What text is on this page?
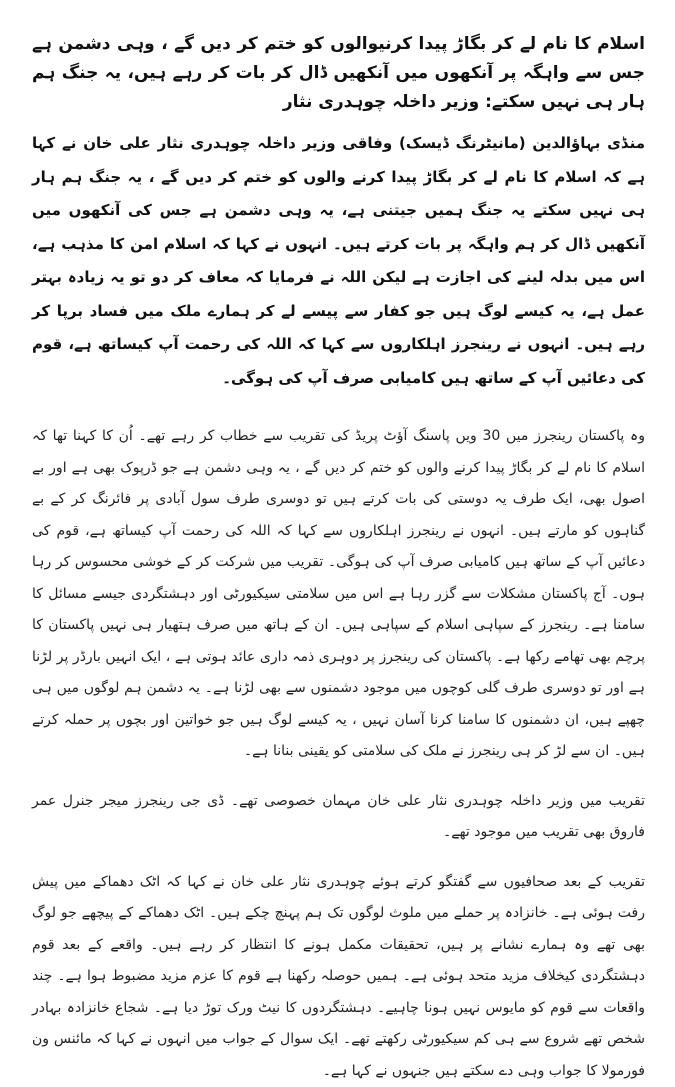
اسلام کا نام لے کر بگاڑ پیدا کرنیوالوں کو ختم کر دیں گے ، وہی دشمن ہے جس سے واہگہ پر آنکھوں میں آنکھیں ڈال کر بات کر رہے ہیں، یہ جنگ ہم ہار ہی نہیں سکتے: وزیر داخلہ چوہدری نثار

منڈی بہاؤالدین (مانیٹرنگ ڈیسک) وفاقی وزیر داخلہ چوہدری نثار علی خان نے کہا ہے کہ اسلام کا نام لے کر بگاڑ پیدا کرنے والوں کو ختم کر دیں گے ، یہ جنگ ہم ہار ہی نہیں سکتے یہ جنگ ہمیں جیتنی ہے، یہ وہی دشمن ہے جس کی آنکھوں میں آنکھیں ڈال کر ہم واہگہ پر بات کرتے ہیں۔ انہوں نے کہا کہ اسلام امن کا مذہب ہے، اس میں بدلہ لینے کی اجازت ہے لیکن اللہ نے فرمایا کہ معاف کر دو تو یہ زیادہ بہتر عمل ہے، یہ کیسے لوگ ہیں جو کفار سے پیسے لے کر ہمارے ملک میں فساد برپا کر رہے ہیں۔ انہوں نے رینجرز اہلکاروں سے کہا کہ اللہ کی رحمت آپ کیساتھ ہے، قوم کی دعائیں آپ کے ساتھ ہیں کامیابی صرف آپ کی ہوگی۔

وہ پاکستان رینجرز میں 30 ویں پاسنگ آؤٹ پریڈ کی تقریب سے خطاب کر رہے تھے۔ اُن کا کہنا تھا کہ اسلام کا نام لے کر بگاڑ پیدا کرنے والوں کو ختم کر دیں گے ، یہ وہی دشمن ہے جو ڈرپوک بھی ہے اور بے اصول بھی، ایک طرف یہ دوستی کی بات کرتے ہیں تو دوسری طرف سول آبادی پر فائرنگ کر کے بے گناہوں کو مارتے ہیں۔ انہوں نے رینجرز اہلکاروں سے کہا کہ اللہ کی رحمت آپ کیساتھ ہے، قوم کی دعائیں آپ کے ساتھ ہیں کامیابی صرف آپ کی ہوگی۔ تقریب میں شرکت کر کے خوشی محسوس کر رہا ہوں۔ آج پاکستان مشکلات سے گزر رہا ہے اس میں سلامتی سیکیورٹی اور دہشتگردی جیسے مسائل کا سامنا ہے۔ رینجرز کے سپاہی اسلام کے سپاہی ہیں۔ ان کے ہاتھ میں صرف ہتھیار ہی نہیں پاکستان کا پرچم بھی تھامے رکھا ہے۔ پاکستان کی رینجرز پر دوہری ذمہ داری عائد ہوتی ہے ، ایک انہیں بارڈر پر لڑنا ہے اور تو دوسری طرف گلی کوچوں میں موجود دشمنوں سے بھی لڑنا ہے۔ یہ دشمن ہم لوگوں میں ہی چھپے ہیں، ان دشمنوں کا سامنا کرنا آسان نہیں ، یہ کیسے لوگ ہیں جو خواتین اور بچوں پر حملہ کرتے ہیں۔ ان سے لڑ کر ہی رینجرز نے ملک کی سلامتی کو یقینی بنانا ہے۔

تقریب میں وزیر داخلہ چوہدری نثار علی خان مہمان خصوصی تھے۔ ڈی جی رینجرز میجر جنرل عمر فاروق بھی تقریب میں موجود تھے۔

تقریب کے بعد صحافیوں سے گفتگو کرتے ہوئے چوہدری نثار علی خان نے کہا کہ اٹک دھماکے میں پیش رفت ہوئی ہے۔ خانزادہ پر حملے میں ملوث لوگوں تک ہم پہنچ چکے ہیں۔ اٹک دھماکے کے پیچھے جو لوگ بھی تھے وہ ہمارے نشانے پر ہیں، تحقیقات مکمل ہونے کا انتظار کر رہے ہیں۔ واقعے کے بعد قوم دہشتگردی کیخلاف مزید متحد ہوئی ہے۔ ہمیں حوصلہ رکھنا ہے قوم کا عزم مزید مضبوط ہوا ہے۔ چند واقعات سے قوم کو مایوس نہیں ہونا چاہیے۔ دہشتگردوں کا نیٹ ورک توڑ دیا ہے۔ شجاع خانزادہ بہادر شخص تھے شروع سے ہی کم سیکیورٹی رکھتے تھے۔ ایک سوال کے جواب میں انہوں نے کہا کہ مائنس ون فورمولا کا جواب وہی دے سکتے ہیں جنہوں نے کہا ہے۔
